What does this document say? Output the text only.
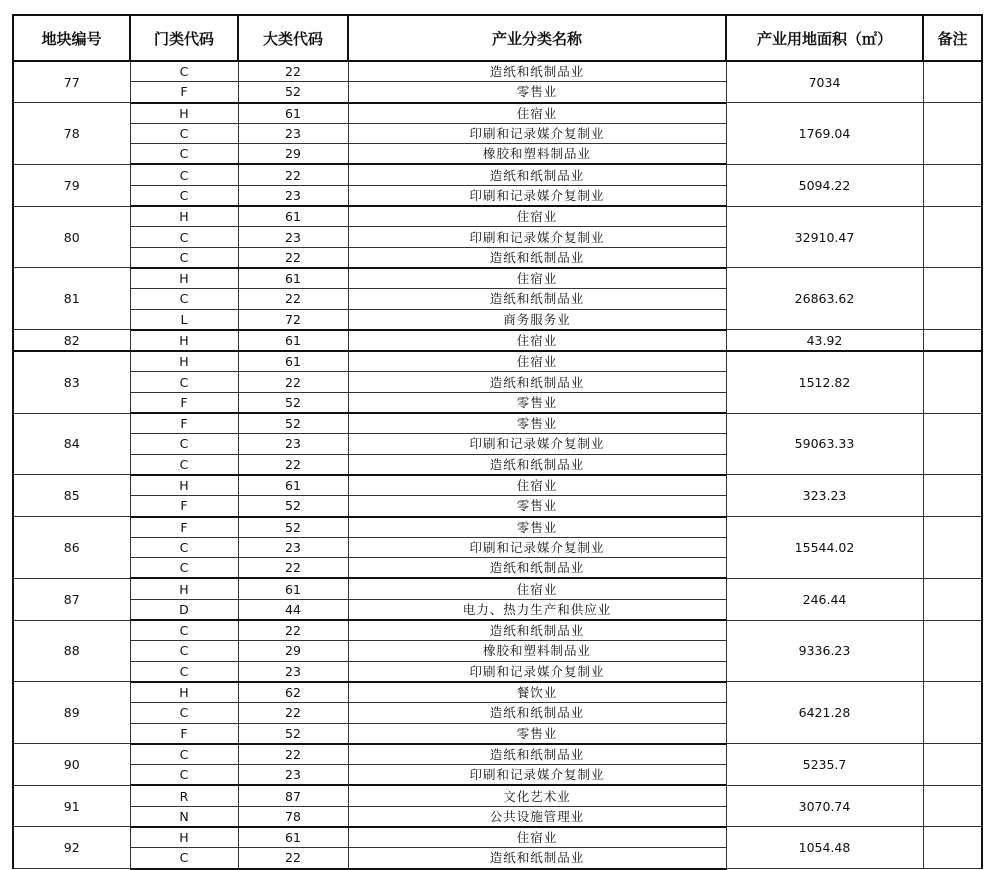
地块编号	门类代码	大类代码	产业分类名称	产业用地面积（㎡）	备注
77	C	22	造纸和纸制品业	7034	
	F	52	零售业		
78	H	61	住宿业	1769.04	
	C	23	印刷和记录媒介复制业		
	C	29	橡胶和塑料制品业		
79	C	22	造纸和纸制品业	5094.22	
	C	23	印刷和记录媒介复制业		
80	H	61	住宿业	32910.47	
	C	23	印刷和记录媒介复制业		
	C	22	造纸和纸制品业		
81	H	61	住宿业	26863.62	
	C	22	造纸和纸制品业		
	L	72	商务服务业		
82	H	61	住宿业	43.92	
83	H	61	住宿业	1512.82	
	C	22	造纸和纸制品业		
	F	52	零售业		
84	F	52	零售业	59063.33	
	C	23	印刷和记录媒介复制业		
	C	22	造纸和纸制品业		
85	H	61	住宿业	323.23	
	F	52	零售业		
86	F	52	零售业	15544.02	
	C	23	印刷和记录媒介复制业		
	C	22	造纸和纸制品业		
87	H	61	住宿业	246.44	
	D	44	电力、热力生产和供应业		
88	C	22	造纸和纸制品业	9336.23	
	C	29	橡胶和塑料制品业		
	C	23	印刷和记录媒介复制业		
89	H	62	餐饮业	6421.28	
	C	22	造纸和纸制品业		
	F	52	零售业		
90	C	22	造纸和纸制品业	5235.7	
	C	23	印刷和记录媒介复制业		
91	R	87	文化艺术业	3070.74	
	N	78	公共设施管理业		
92	H	61	住宿业	1054.48	
	C	22	造纸和纸制品业		
